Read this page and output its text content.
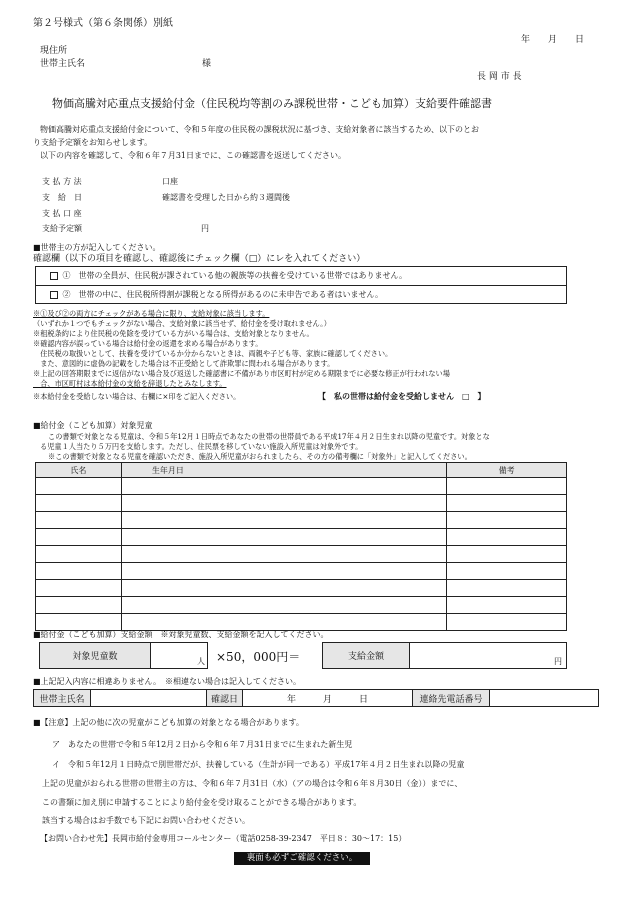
第２号様式（第６条関係）別紙
年　　月　　日
現住所
世帯主氏名	様
長 岡 市 長
物価高騰対応重点支援給付金（住民税均等割のみ課税世帯・こども加算）支給要件確認書
物価高騰対応重点支援給付金について、令和５年度の住民税の課税状況に基づき、支給対象者に該当するため、以下のとお
り支給予定額をお知らせします。
以下の内容を確認して、令和６年７月31日までに、この確認書を返送してください。
支 払 方 法	口座
支　給　日	確認書を受理した日から約３週間後
支 払 口 座
支給予定額	円
■世帯主の方が記入してください。
確認欄（以下の項目を確認し、確認後にチェック欄（□）にレを入れてください）
①　世帯の全員が、住民税が課されている他の親族等の扶養を受けている世帯ではありません。
②　世帯の中に、住民税所得割が課税となる所得があるのに未申告である者はいません。
※①及び②の両方にチェックがある場合に限り、支給対象に該当します。
（いずれか１つでもチェックがない場合、支給対象に該当せず、給付金を受け取れません。）
※租税条約により住民税の免除を受けている方がいる場合は、支給対象となりません。
※確認内容が誤っている場合は給付金の返還を求める場合があります。
　住民税の取扱いとして、扶養を受けているか分からないときは、両親や子ども等、家族に確認してください。
　また、意図的に虚偽の記載をした場合は不正受給として詐欺罪に問われる場合があります。
※上記の回答期限までに返信がない場合及び返送した確認書に不備があり市区町村が定める期限までに必要な修正が行われない場
　合、市区町村は本給付金の支給を辞退したとみなします。
※本給付金を受給しない場合は、右欄に×印をご記入ください。	【　私の世帯は給付金を受給しません　□　】
■給付金（こども加算）対象児童
この書類で対象となる児童は、令和５年12月１日時点であなたの世帯の世帯員である平成17年４月２日生まれ以降の児童です。対象とな
る児童１人当たり５万円を支給します。ただし、住民票を移していない施設入所児童は対象外です。
※この書類で対象となる児童を確認いただき、施設入所児童がおられましたら、その方の備考欄に「対象外」と記入してください。
氏名	生年月日	備考

■給付金（こども加算）支給金額　※対象児童数、支給金額を記入してください。
対象児童数	人 ×50，000円＝	支給金額	円
■上記記入内容に相違ありません。　※相違ない場合は記入してください。
世帯主氏名	確認日	年　　　月　　　日	連絡先電話番号
■【注意】上記の他に次の児童がこども加算の対象となる場合があります。
ア　あなたの世帯で令和５年12月２日から令和６年７月31日までに生まれた新生児
イ　令和５年12月１日時点で別世帯だが、扶養している（生計が同一である）平成17年４月２日生まれ以降の児童
上記の児童がおられる世帯の世帯主の方は、令和６年７月31日（水）（アの場合は令和６年８月30日（金））までに、
この書類に加え別に申請することにより給付金を受け取ることができる場合があります。
該当する場合はお手数でも下記にお問い合わせください。
【お問い合わせ先】長岡市給付金専用コールセンター（電話0258-39-2347　平日８：30～17：15）
裏面も必ずご確認ください。
